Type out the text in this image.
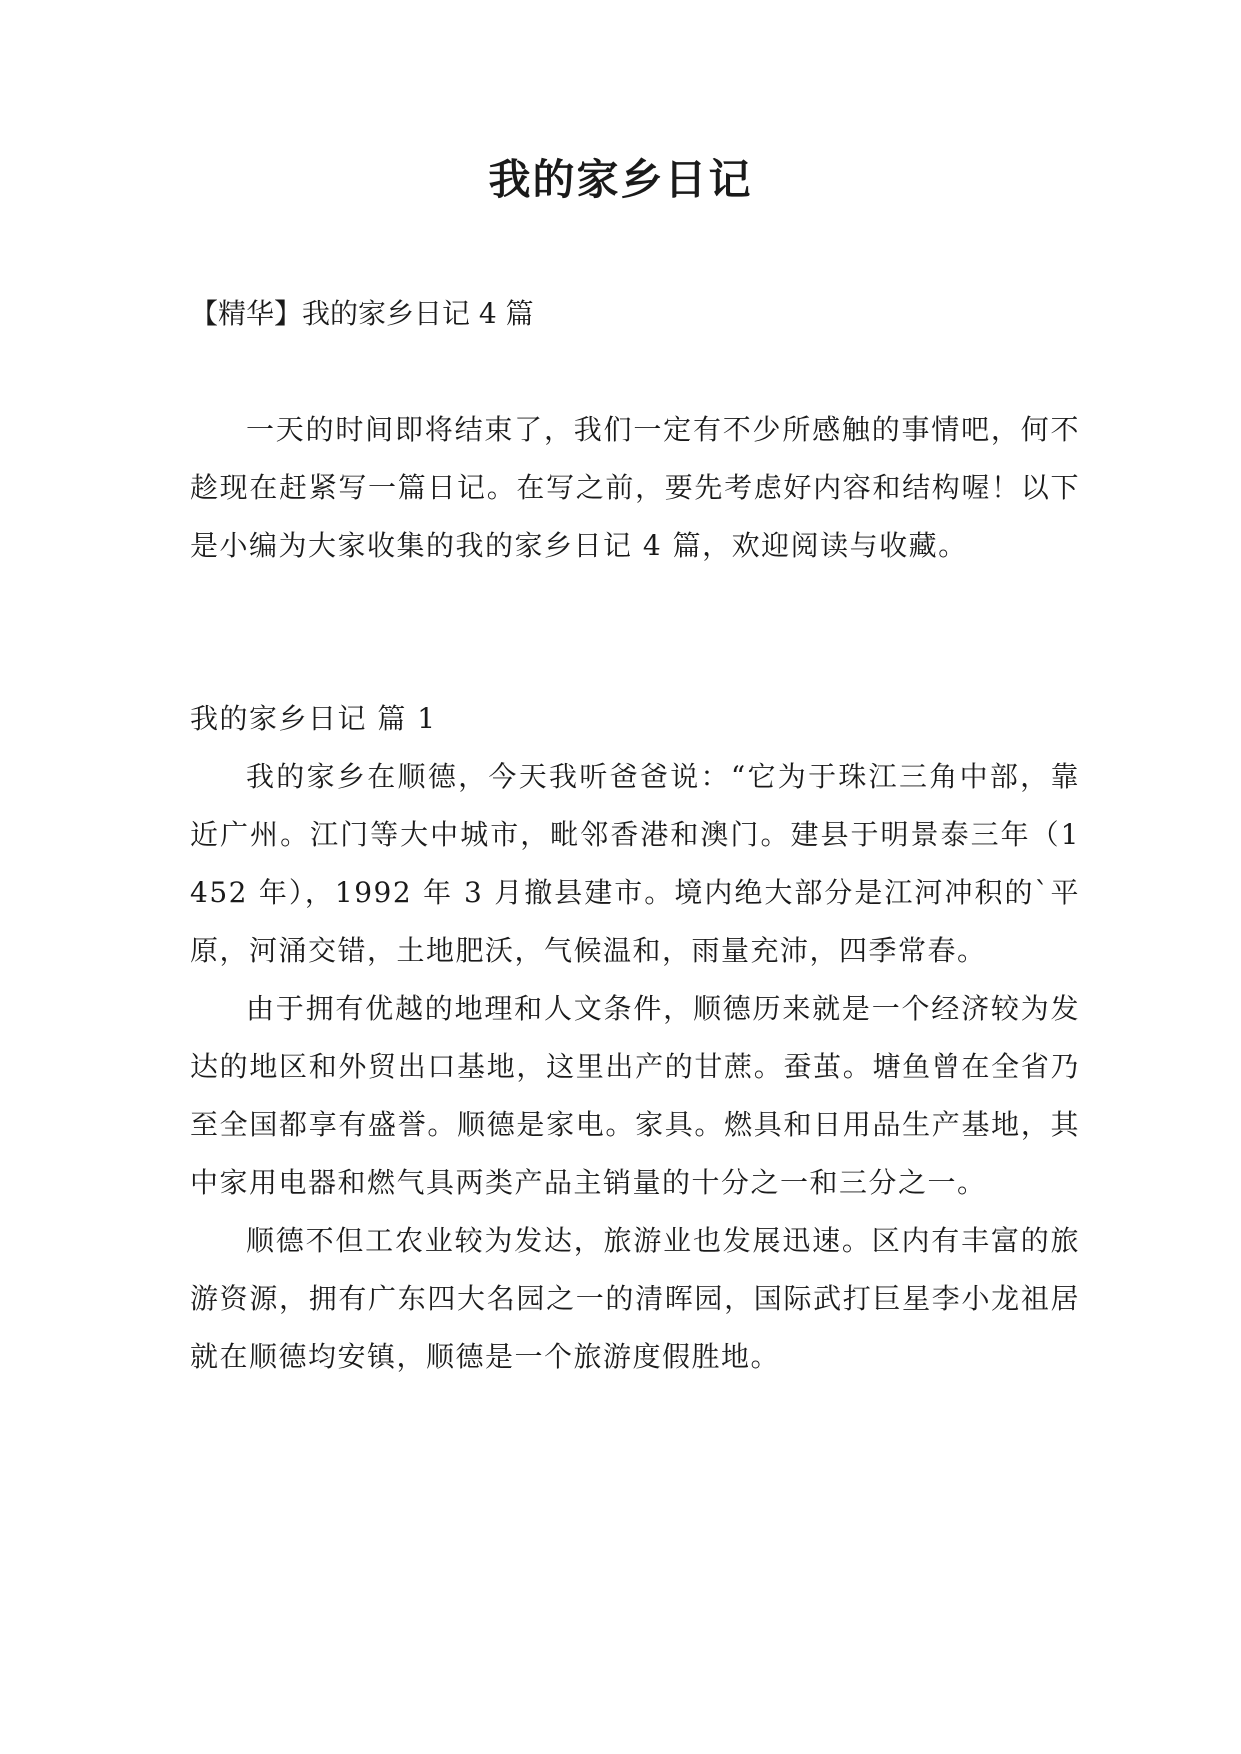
我的家乡日记

【精华】我的家乡日记 4 篇

一天的时间即将结束了，我们一定有不少所感触的事情吧，何不趁现在赶紧写一篇日记。在写之前，要先考虑好内容和结构喔！以下是小编为大家收集的我的家乡日记 4 篇，欢迎阅读与收藏。

我的家乡日记 篇 1

我的家乡在顺德，今天我听爸爸说：“它为于珠江三角中部，靠近广州。江门等大中城市，毗邻香港和澳门。建县于明景泰三年（1452 年），1992 年 3 月撤县建市。境内绝大部分是江河冲积的`平原，河涌交错，土地肥沃，气候温和，雨量充沛，四季常春。

由于拥有优越的地理和人文条件，顺德历来就是一个经济较为发达的地区和外贸出口基地，这里出产的甘蔗。蚕茧。塘鱼曾在全省乃至全国都享有盛誉。顺德是家电。家具。燃具和日用品生产基地，其中家用电器和燃气具两类产品主销量的十分之一和三分之一。

顺德不但工农业较为发达，旅游业也发展迅速。区内有丰富的旅游资源，拥有广东四大名园之一的清晖园，国际武打巨星李小龙祖居就在顺德均安镇，顺德是一个旅游度假胜地。
